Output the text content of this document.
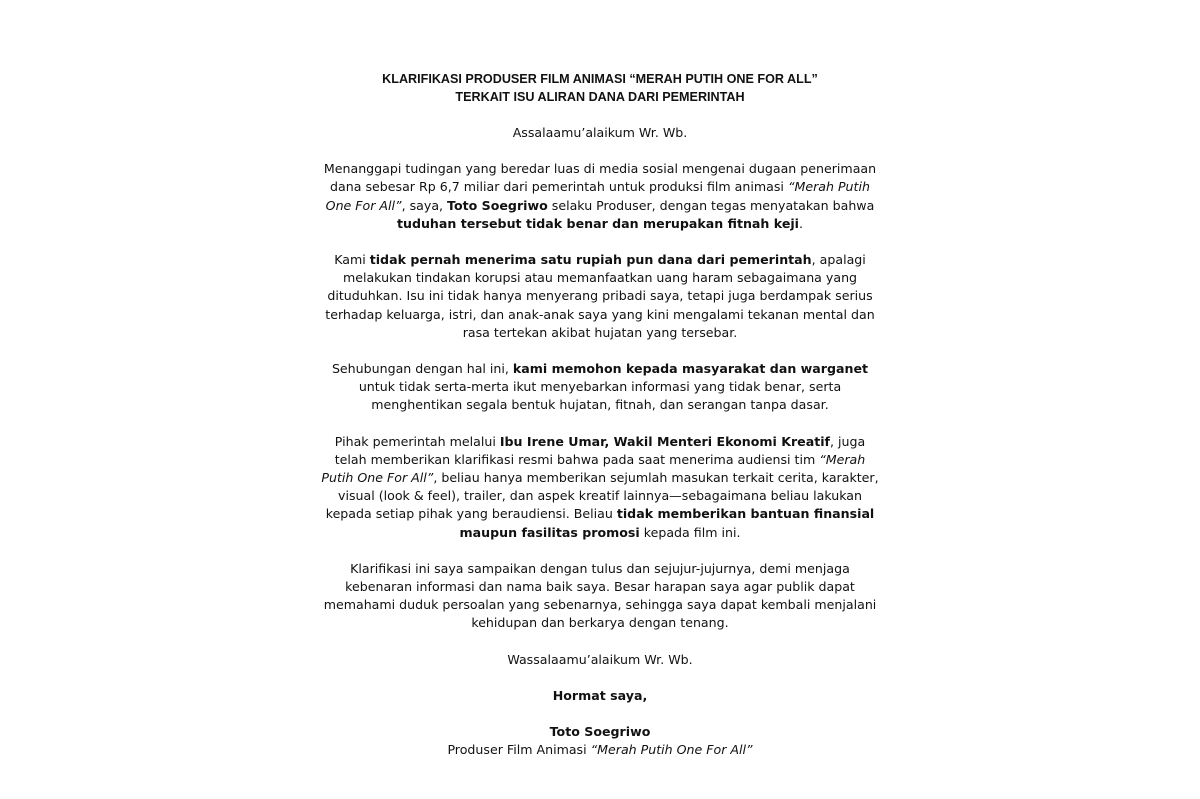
KLARIFIKASI PRODUSER FILM ANIMASI “MERAH PUTIH ONE FOR ALL”
TERKAIT ISU ALIRAN DANA DARI PEMERINTAH
Assalaamu’alaikum Wr. Wb.

Menanggapi tudingan yang beredar luas di media sosial mengenai dugaan penerimaan dana sebesar Rp 6,7 miliar dari pemerintah untuk produksi film animasi “Merah Putih One For All”, saya, Toto Soegriwo selaku Produser, dengan tegas menyatakan bahwa tuduhan tersebut tidak benar dan merupakan fitnah keji.

Kami tidak pernah menerima satu rupiah pun dana dari pemerintah, apalagi melakukan tindakan korupsi atau memanfaatkan uang haram sebagaimana yang dituduhkan. Isu ini tidak hanya menyerang pribadi saya, tetapi juga berdampak serius terhadap keluarga, istri, dan anak-anak saya yang kini mengalami tekanan mental dan rasa tertekan akibat hujatan yang tersebar.

Sehubungan dengan hal ini, kami memohon kepada masyarakat dan warganet untuk tidak serta-merta ikut menyebarkan informasi yang tidak benar, serta menghentikan segala bentuk hujatan, fitnah, dan serangan tanpa dasar.

Pihak pemerintah melalui Ibu Irene Umar, Wakil Menteri Ekonomi Kreatif, juga telah memberikan klarifikasi resmi bahwa pada saat menerima audiensi tim “Merah Putih One For All”, beliau hanya memberikan sejumlah masukan terkait cerita, karakter, visual (look & feel), trailer, dan aspek kreatif lainnya—sebagaimana beliau lakukan kepada setiap pihak yang beraudiensi. Beliau tidak memberikan bantuan finansial maupun fasilitas promosi kepada film ini.

Klarifikasi ini saya sampaikan dengan tulus dan sejujur-jujurnya, demi menjaga kebenaran informasi dan nama baik saya. Besar harapan saya agar publik dapat memahami duduk persoalan yang sebenarnya, sehingga saya dapat kembali menjalani kehidupan dan berkarya dengan tenang.

Wassalaamu’alaikum Wr. Wb.
Hormat saya,
Toto Soegriwo
Produser Film Animasi “Merah Putih One For All”
